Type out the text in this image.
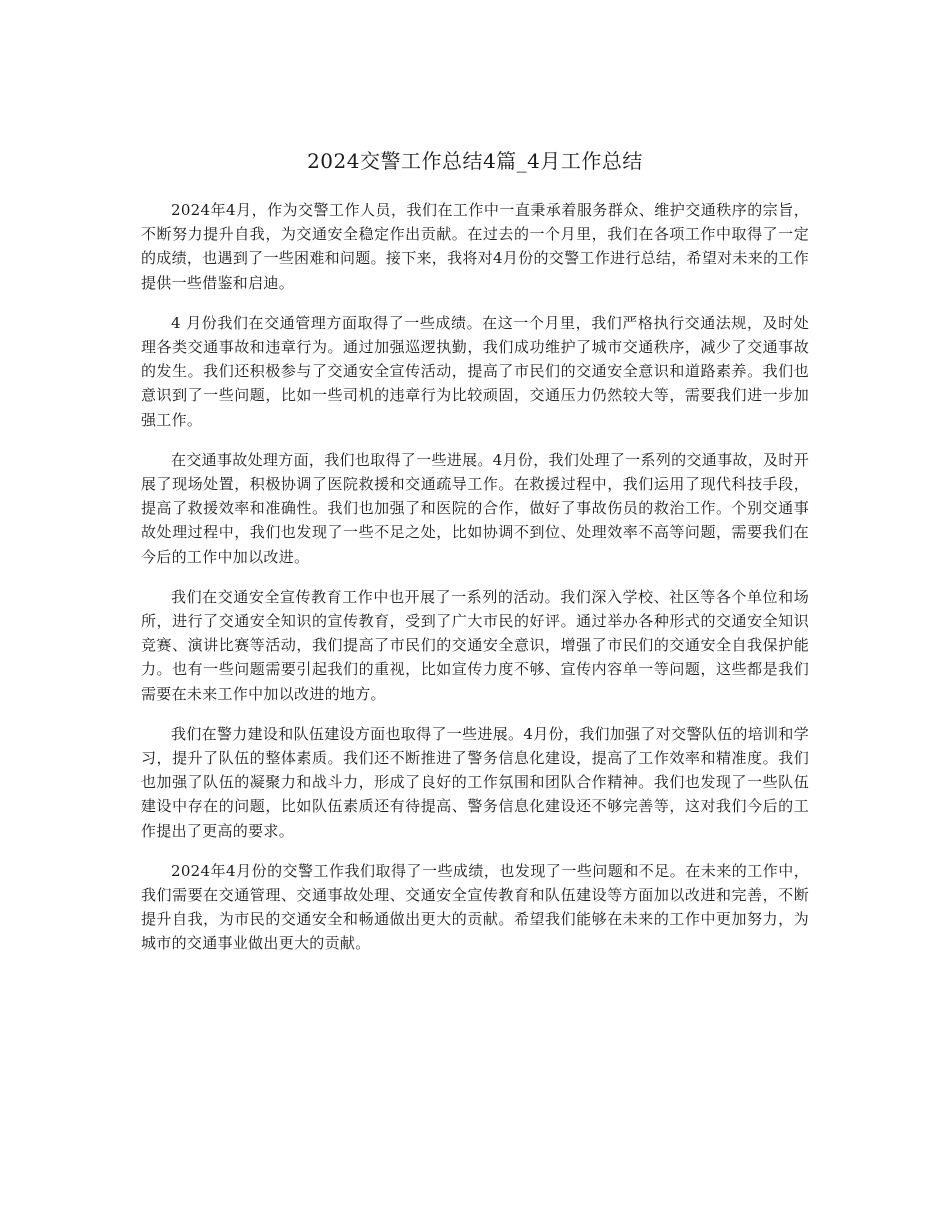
2024交警工作总结4篇_4月工作总结

2024年4月，作为交警工作人员，我们在工作中一直秉承着服务群众、维护交通秩序的宗旨，不断努力提升自我，为交通安全稳定作出贡献。在过去的一个月里，我们在各项工作中取得了一定的成绩，也遇到了一些困难和问题。接下来，我将对4月份的交警工作进行总结，希望对未来的工作提供一些借鉴和启迪。

4 月份我们在交通管理方面取得了一些成绩。在这一个月里，我们严格执行交通法规，及时处理各类交通事故和违章行为。通过加强巡逻执勤，我们成功维护了城市交通秩序，减少了交通事故的发生。我们还积极参与了交通安全宣传活动，提高了市民们的交通安全意识和道路素养。我们也意识到了一些问题，比如一些司机的违章行为比较顽固，交通压力仍然较大等，需要我们进一步加强工作。

在交通事故处理方面，我们也取得了一些进展。4月份，我们处理了一系列的交通事故，及时开展了现场处置，积极协调了医院救援和交通疏导工作。在救援过程中，我们运用了现代科技手段，提高了救援效率和准确性。我们也加强了和医院的合作，做好了事故伤员的救治工作。个别交通事故处理过程中，我们也发现了一些不足之处，比如协调不到位、处理效率不高等问题，需要我们在今后的工作中加以改进。

我们在交通安全宣传教育工作中也开展了一系列的活动。我们深入学校、社区等各个单位和场所，进行了交通安全知识的宣传教育，受到了广大市民的好评。通过举办各种形式的交通安全知识竞赛、演讲比赛等活动，我们提高了市民们的交通安全意识，增强了市民们的交通安全自我保护能力。也有一些问题需要引起我们的重视，比如宣传力度不够、宣传内容单一等问题，这些都是我们需要在未来工作中加以改进的地方。

我们在警力建设和队伍建设方面也取得了一些进展。4月份，我们加强了对交警队伍的培训和学习，提升了队伍的整体素质。我们还不断推进了警务信息化建设，提高了工作效率和精准度。我们也加强了队伍的凝聚力和战斗力，形成了良好的工作氛围和团队合作精神。我们也发现了一些队伍建设中存在的问题，比如队伍素质还有待提高、警务信息化建设还不够完善等，这对我们今后的工作提出了更高的要求。

2024年4月份的交警工作我们取得了一些成绩，也发现了一些问题和不足。在未来的工作中，我们需要在交通管理、交通事故处理、交通安全宣传教育和队伍建设等方面加以改进和完善，不断提升自我，为市民的交通安全和畅通做出更大的贡献。希望我们能够在未来的工作中更加努力，为城市的交通事业做出更大的贡献。
